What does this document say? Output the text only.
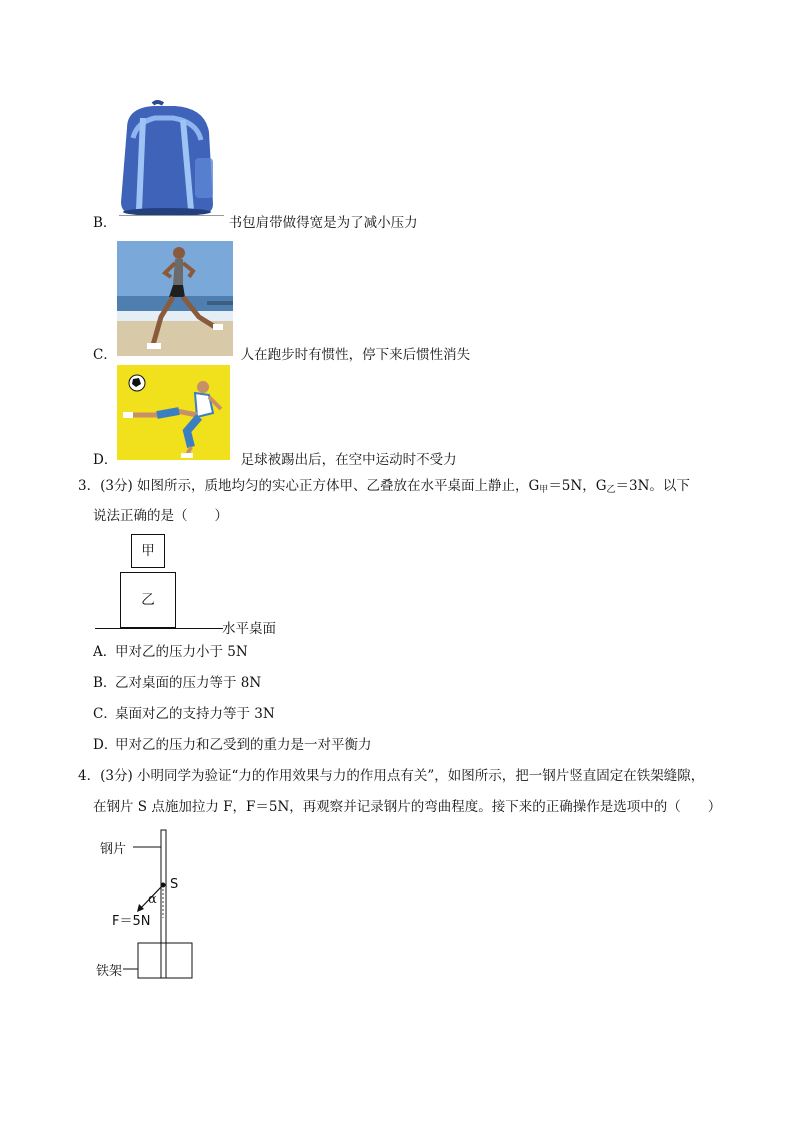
B．	书包肩带做得宽是为了减小压力
C．	人在跑步时有惯性，停下来后惯性消失
D．	足球被踢出后，在空中运动时不受力
3．(3分) 如图所示，质地均匀的实心正方体甲、乙叠放在水平桌面上静止，$G_甲=5N$，$G_乙=3N$。以下
说法正确的是（　　）
甲
乙
水平桌面
A．甲对乙的压力小于 5N
B．乙对桌面的压力等于 8N
C．桌面对乙的支持力等于 3N
D．甲对乙的压力和乙受到的重力是一对平衡力
4．(3分) 小明同学为验证“力的作用效果与力的作用点有关”，如图所示，把一钢片竖直固定在铁架缝隙，
在钢片 S 点施加拉力 F，F＝5N，再观察并记录钢片的弯曲程度。接下来的正确操作是选项中的（　　）
钢片
S
α
F＝5N
铁架
